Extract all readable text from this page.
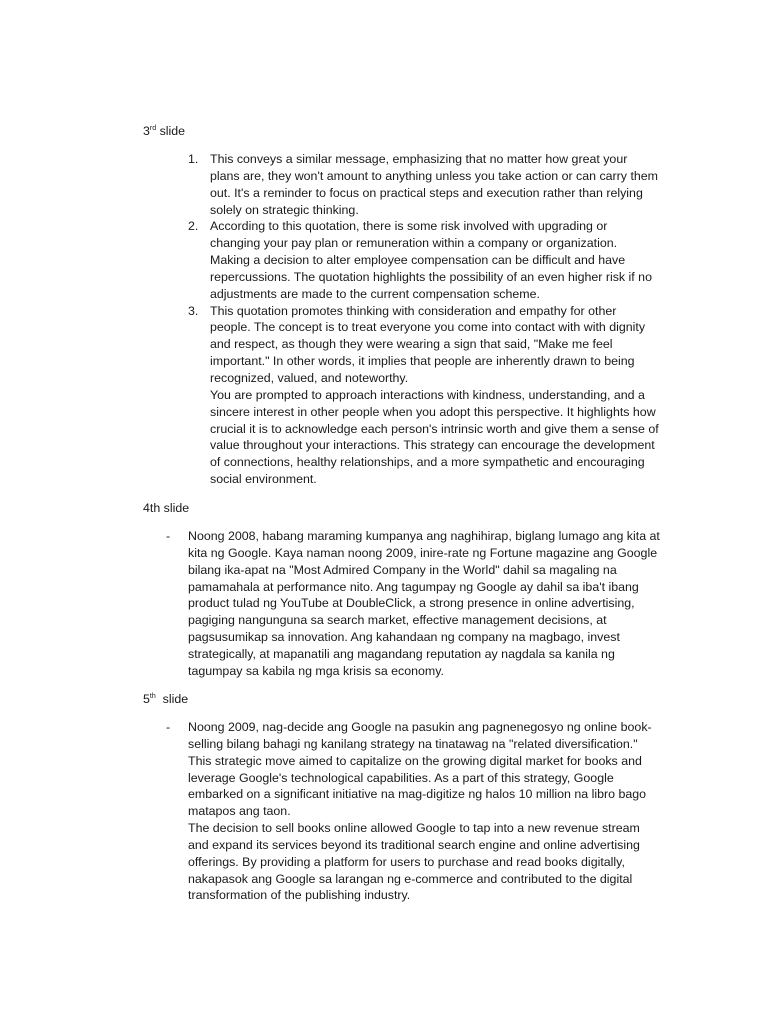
3rd slide
1. This conveys a similar message, emphasizing that no matter how great your plans are, they won't amount to anything unless you take action or can carry them out. It's a reminder to focus on practical steps and execution rather than relying solely on strategic thinking.

2. According to this quotation, there is some risk involved with upgrading or changing your pay plan or remuneration within a company or organization. Making a decision to alter employee compensation can be difficult and have repercussions. The quotation highlights the possibility of an even higher risk if no adjustments are made to the current compensation scheme.

3. This quotation promotes thinking with consideration and empathy for other people. The concept is to treat everyone you come into contact with with dignity and respect, as though they were wearing a sign that said, "Make me feel important." In other words, it implies that people are inherently drawn to being recognized, valued, and noteworthy.

You are prompted to approach interactions with kindness, understanding, and a sincere interest in other people when you adopt this perspective. It highlights how crucial it is to acknowledge each person's intrinsic worth and give them a sense of value throughout your interactions. This strategy can encourage the development of connections, healthy relationships, and a more sympathetic and encouraging social environment.

4th slide
- Noong 2008, habang maraming kumpanya ang naghihirap, biglang lumago ang kita at kita ng Google. Kaya naman noong 2009, inire-rate ng Fortune magazine ang Google bilang ika-apat na "Most Admired Company in the World" dahil sa magaling na pamamahala at performance nito. Ang tagumpay ng Google ay dahil sa iba't ibang product tulad ng YouTube at DoubleClick, a strong presence in online advertising, pagiging nangunguna sa search market, effective management decisions, at pagsusumikap sa innovation. Ang kahandaan ng company na magbago, invest strategically, at mapanatili ang magandang reputation ay nagdala sa kanila ng tagumpay sa kabila ng mga krisis sa economy.

5th  slide
- Noong 2009, nag-decide ang Google na pasukin ang pagnenegosyo ng online book-selling bilang bahagi ng kanilang strategy na tinatawag na "related diversification." This strategic move aimed to capitalize on the growing digital market for books and leverage Google's technological capabilities. As a part of this strategy, Google embarked on a significant initiative na mag-digitize ng halos 10 million na libro bago matapos ang taon.

The decision to sell books online allowed Google to tap into a new revenue stream and expand its services beyond its traditional search engine and online advertising offerings. By providing a platform for users to purchase and read books digitally, nakapasok ang Google sa larangan ng e-commerce and contributed to the digital transformation of the publishing industry.
